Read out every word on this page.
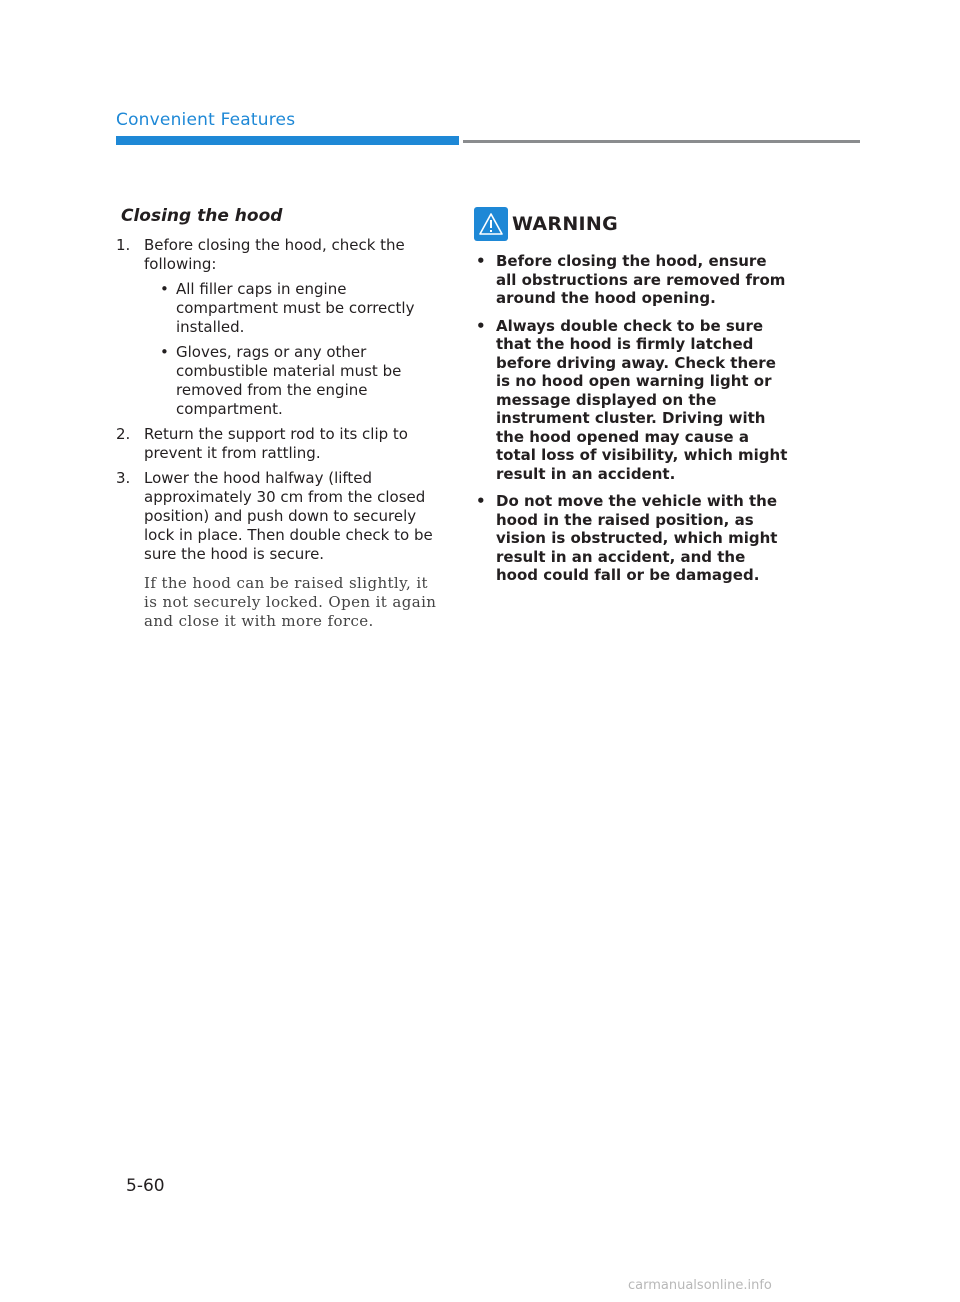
Convenient Features
Closing the hood
1. Before closing the hood, check the following:
• All filler caps in engine compartment must be correctly installed.
• Gloves, rags or any other combustible material must be removed from the engine compartment.
2. Return the support rod to its clip to prevent it from rattling.
3. Lower the hood halfway (lifted approximately 30 cm from the closed position) and push down to securely lock in place. Then double check to be sure the hood is secure.
If the hood can be raised slightly, it is not securely locked. Open it again and close it with more force.
WARNING
• Before closing the hood, ensure all obstructions are removed from around the hood opening.
• Always double check to be sure that the hood is firmly latched before driving away. Check there is no hood open warning light or message displayed on the instrument cluster. Driving with the hood opened may cause a total loss of visibility, which might result in an accident.
• Do not move the vehicle with the hood in the raised position, as vision is obstructed, which might result in an accident, and the hood could fall or be damaged.
5-60
carmanualsonline.info
